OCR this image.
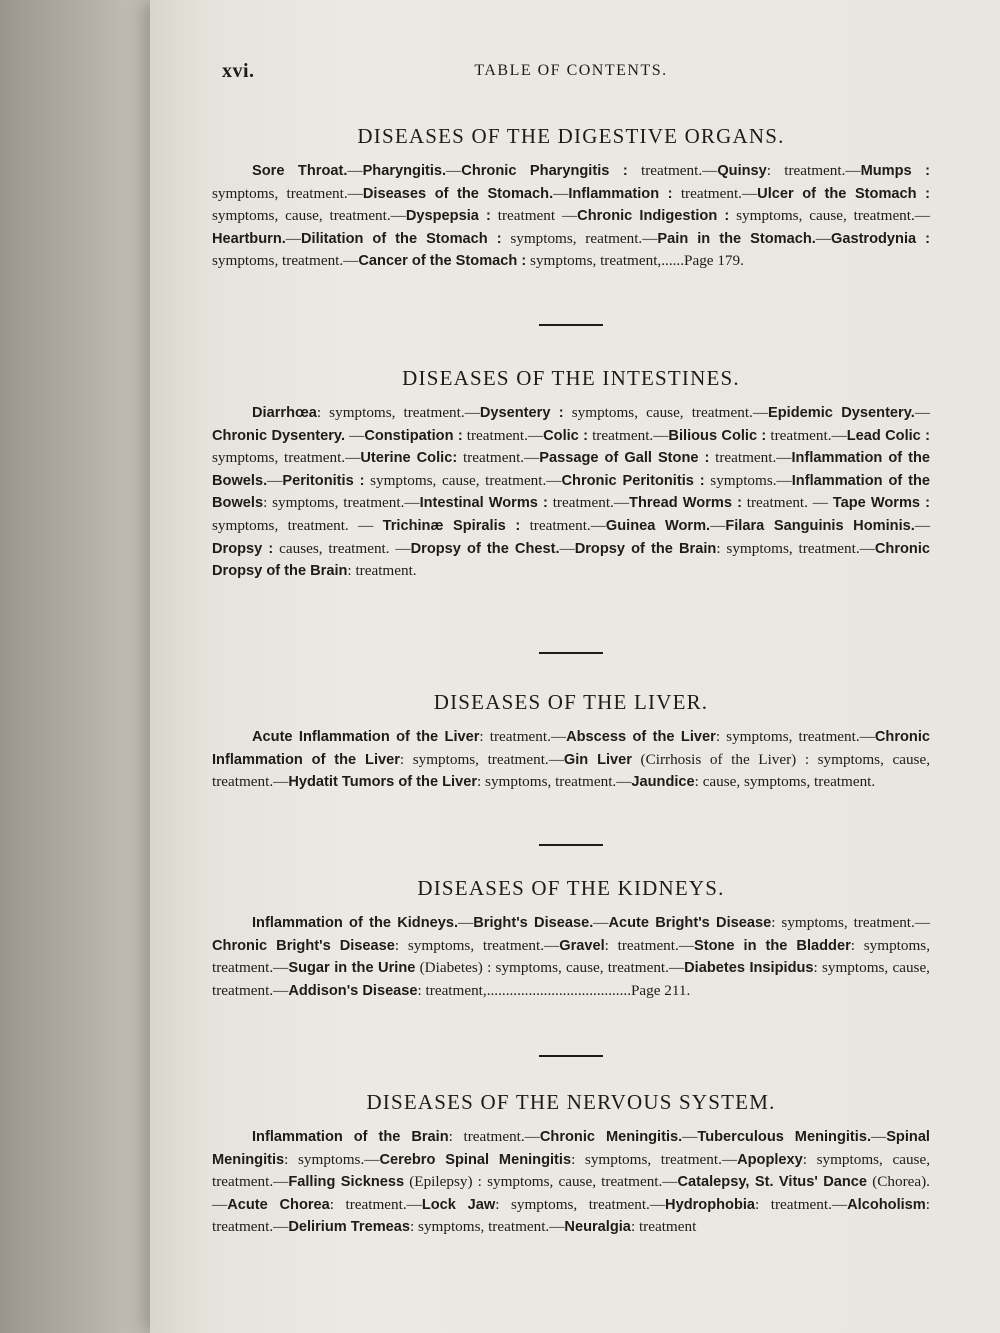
xvi.	TABLE OF CONTENTS.
DISEASES OF THE DIGESTIVE ORGANS.

Sore Throat.—Pharyngitis.—Chronic Pharyngitis : treatment.—Quinsy: treatment.—Mumps : symptoms, treatment.—Diseases of the Stomach.—Inflammation : treatment.—Ulcer of the Stomach : symptoms, cause, treatment.—Dyspepsia : treatment —Chronic Indigestion : symptoms, cause, treatment.—Heartburn.—Dilitation of the Stomach : symptoms, reatment.—Pain in the Stomach.—Gastrodynia : symptoms, treatment.—Cancer of the Stomach : symptoms, treatment,......Page 179.

DISEASES OF THE INTESTINES.

Diarrhœa: symptoms, treatment.—Dysentery : symptoms, cause, treatment.—Epidemic Dysentery.—Chronic Dysentery. —Constipation : treatment.—Colic : treatment.—Bilious Colic : treatment.—Lead Colic : symptoms, treatment.—Uterine Colic: treatment.—Passage of Gall Stone : treatment.—Inflammation of the Bowels.—Peritonitis : symptoms, cause, treatment.—Chronic Peritonitis : symptoms.—Inflammation of the Bowels: symptoms, treatment.—Intestinal Worms : treatment.—Thread Worms : treatment. — Tape Worms : symptoms, treatment. — Trichinæ Spiralis : treatment.—Guinea Worm.—Filara Sanguinis Hominis.—Dropsy : causes, treatment. —Dropsy of the Chest.—Dropsy of the Brain: symptoms, treatment.—Chronic Dropsy of the Brain: treatment.

DISEASES OF THE LIVER.

Acute Inflammation of the Liver: treatment.—Abscess of the Liver: symptoms, treatment.—Chronic Inflammation of the Liver: symptoms, treatment.—Gin Liver (Cirrhosis of the Liver) : symptoms, cause, treatment.—Hydatit Tumors of the Liver: symptoms, treatment.—Jaundice: cause, symptoms, treatment.

DISEASES OF THE KIDNEYS.

Inflammation of the Kidneys.—Bright's Disease.—Acute Bright's Disease: symptoms, treatment.—Chronic Bright's Disease: symptoms, treatment.—Gravel: treatment.—Stone in the Bladder: symptoms, treatment.—Sugar in the Urine (Diabetes) : symptoms, cause, treatment.—Diabetes Insipidus: symptoms, cause, treatment.—Addison's Disease: treatment,......................................Page 211.

DISEASES OF THE NERVOUS SYSTEM.

Inflammation of the Brain: treatment.—Chronic Meningitis.—Tuberculous Meningitis.—Spinal Meningitis: symptoms.—Cerebro Spinal Meningitis: symptoms, treatment.—Apoplexy: symptoms, cause, treatment.—Falling Sickness (Epilepsy) : symptoms, cause, treatment.—Catalepsy, St. Vitus' Dance (Chorea).—Acute Chorea: treatment.—Lock Jaw: symptoms, treatment.—Hydrophobia: treatment.—Alcoholism: treatment.—Delirium Tremeas: symptoms, treatment.—Neuralgia: treatment
